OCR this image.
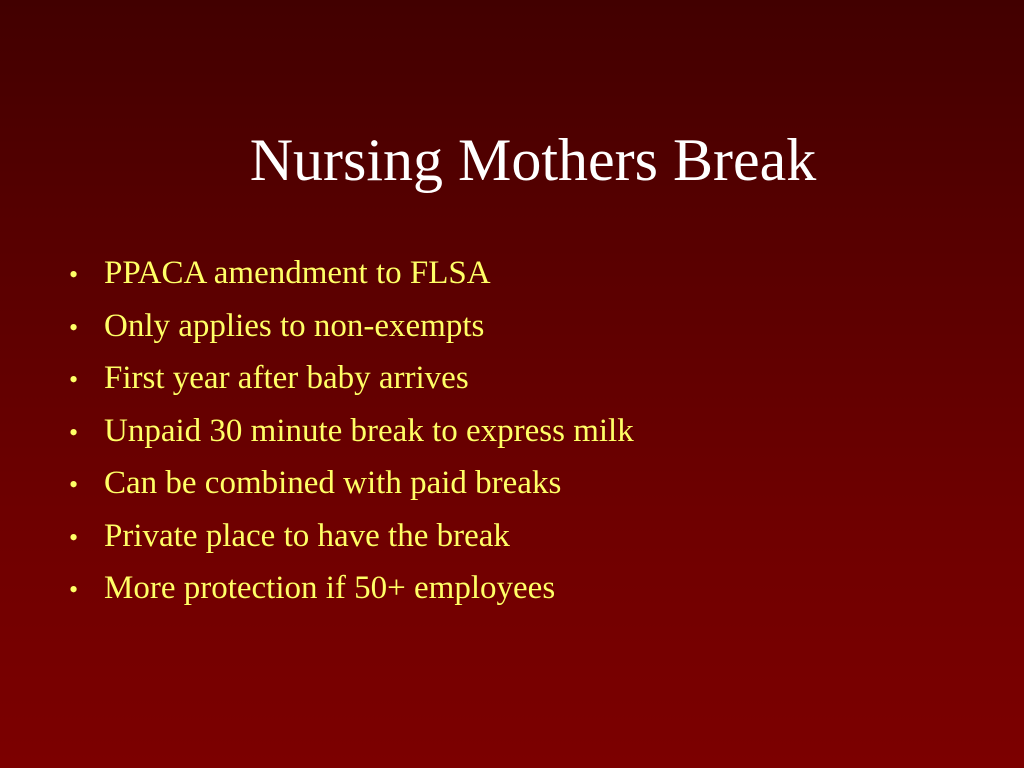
Nursing Mothers Break
• PPACA amendment to FLSA
• Only applies to non-exempts
• First year after baby arrives
• Unpaid 30 minute break to express milk
• Can be combined with paid breaks
• Private place to have the break
• More protection if 50+ employees
